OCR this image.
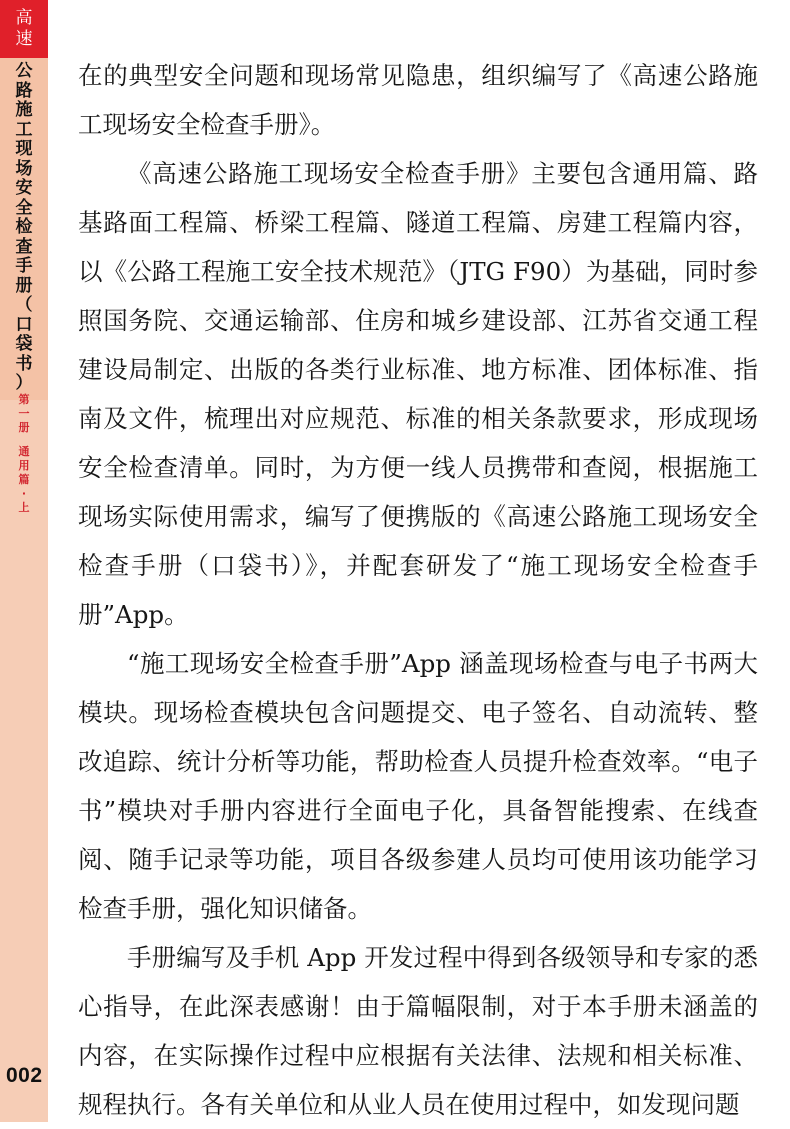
高
速
公
路
施
工
现
场
安
全
检
查
手
册
（
口
袋
书
）
第
一
册
通
用
篇
·
上
002

在的典型安全问题和现场常见隐患，组织编写了《高速公路施工现场安全检查手册》。

《高速公路施工现场安全检查手册》主要包含通用篇、路基路面工程篇、桥梁工程篇、隧道工程篇、房建工程篇内容，以《公路工程施工安全技术规范》（JTG F90）为基础，同时参照国务院、交通运输部、住房和城乡建设部、江苏省交通工程建设局制定、出版的各类行业标准、地方标准、团体标准、指南及文件，梳理出对应规范、标准的相关条款要求，形成现场安全检查清单。同时，为方便一线人员携带和查阅，根据施工现场实际使用需求，编写了便携版的《高速公路施工现场安全检查手册（口袋书）》，并配套研发了“施工现场安全检查手册”App。

“施工现场安全检查手册”App 涵盖现场检查与电子书两大模块。现场检查模块包含问题提交、电子签名、自动流转、整改追踪、统计分析等功能，帮助检查人员提升检查效率。“电子书”模块对手册内容进行全面电子化，具备智能搜索、在线查阅、随手记录等功能，项目各级参建人员均可使用该功能学习检查手册，强化知识储备。

手册编写及手机 App 开发过程中得到各级领导和专家的悉心指导，在此深表感谢！由于篇幅限制，对于本手册未涵盖的内容，在实际操作过程中应根据有关法律、法规和相关标准、规程执行。各有关单位和从业人员在使用过程中，如发现问题
